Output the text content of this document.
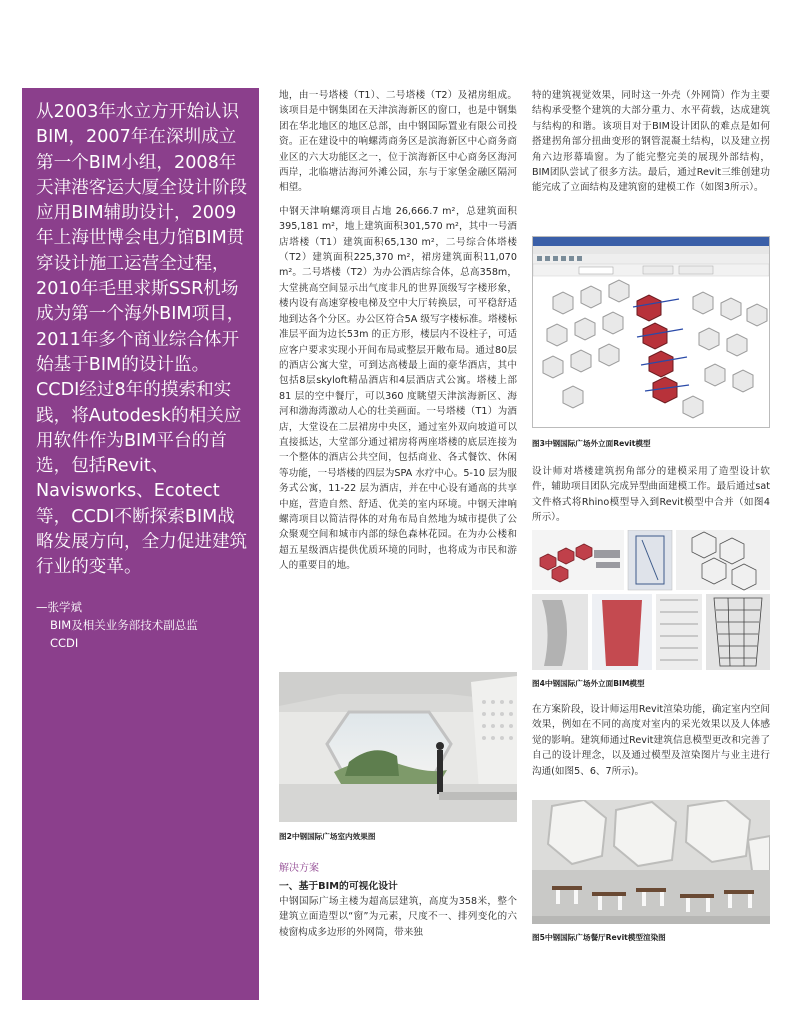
从2003年水立方开始认识BIM，2007年在深圳成立第一个BIM小组，2008年天津港客运大厦全设计阶段应用BIM辅助设计，2009年上海世博会电力馆BIM贯穿设计施工运营全过程，2010年毛里求斯SSR机场成为第一个海外BIM项目，2011年多个商业综合体开始基于BIM的设计监。CCDI经过8年的摸索和实践，将Autodesk的相关应用软件作为BIM平台的首选，包括Revit、Navisworks、Ecotect等，CCDI不断探索BIM战略发展方向，全力促进建筑行业的变革。

—张学斌
BIM及相关业务部技术副总监
CCDI

地，由一号塔楼（T1）、二号塔楼（T2）及裙房组成。该项目是中钢集团在天津滨海新区的窗口，也是中钢集团在华北地区的地区总部，由中钢国际置业有限公司投资。正在建设中的响螺湾商务区是滨海新区中心商务商业区的六大功能区之一，位于滨海新区中心商务区海河西岸，北临塘沽海河外滩公园，东与于家堡金融区隔河相望。

中钢天津响螺湾项目占地 26,666.7 m²，总建筑面积395,181 m²，地上建筑面积301,570 m²，其中一号酒店塔楼（T1）建筑面积65,130 m²，二号综合体塔楼（T2）建筑面积225,370 m²，裙房建筑面积11,070 m²。二号塔楼（T2）为办公酒店综合体，总高358m，大堂挑高空间显示出气度非凡的世界顶级写字楼形象，楼内设有高速穿梭电梯及空中大厅转换层，可平稳舒适地到达各个分区。办公区符合5A 级写字楼标准。塔楼标准层平面为边长53m 的正方形，楼层内不设柱子，可适应客户要求实现小开间布局或整层开敞布局。通过80层的酒店公寓大堂，可到达高楼最上面的豪华酒店，其中包括8层skyloft精品酒店和4层酒店式公寓。塔楼上部81 层的空中餐厅，可以360 度眺望天津滨海新区、海河和渤海湾激动人心的壮美画面。一号塔楼（T1）为酒店，大堂设在二层裙房中央区，通过室外双向坡道可以直接抵达，大堂部分通过裙房将两座塔楼的底层连接为一个整体的酒店公共空间，包括商业、各式餐饮、休闲等功能，一号塔楼的四层为SPA 水疗中心。5-10 层为服务式公寓，11-22 层为酒店，并在中心设有通高的共享中庭，营造自然、舒适、优美的室内环境。中钢天津响螺湾项目以简洁得体的对角布局自然地为城市提供了公众聚观空间和城市内部的绿色森林花园。在为办公楼和超五星级酒店提供优质环境的同时，也将成为市民和游人的重要目的地。

图2中钢国际广场室内效果图
解决方案
一、基于BIM的可视化设计

中钢国际广场主楼为超高层建筑，高度为358米，整个建筑立面造型以“窗”为元素，尺度不一、排列变化的六棱窗构成多边形的外网筒，带来独

特的建筑视觉效果，同时这一外壳（外网筒）作为主要结构承受整个建筑的大部分重力、水平荷载，达成建筑与结构的和谐。该项目对于BIM设计团队的难点是如何搭建拐角部分扭曲变形的钢管混凝土结构，以及建立拐角六边形幕墙窗。为了能完整完美的展现外部结构，BIM团队尝试了很多方法。最后，通过Revit三维创建功能完成了立面结构及建筑窗的建模工作（如图3所示）。

图3中钢国际广场外立面Revit模型

设计师对塔楼建筑拐角部分的建模采用了造型设计软件，辅助项目团队完成异型曲面建模工作。最后通过sat文件格式将Rhino模型导入到Revit模型中合并（如图4所示）。

图4中钢国际广场外立面BIM模型

在方案阶段，设计师运用Revit渲染功能，确定室内空间效果，例如在不同的高度对室内的采光效果以及人体感觉的影响。建筑师通过Revit建筑信息模型更改和完善了自己的设计理念，以及通过模型及渲染图片与业主进行沟通(如图5、6、7所示)。

图5中钢国际广场餐厅Revit模型渲染图
